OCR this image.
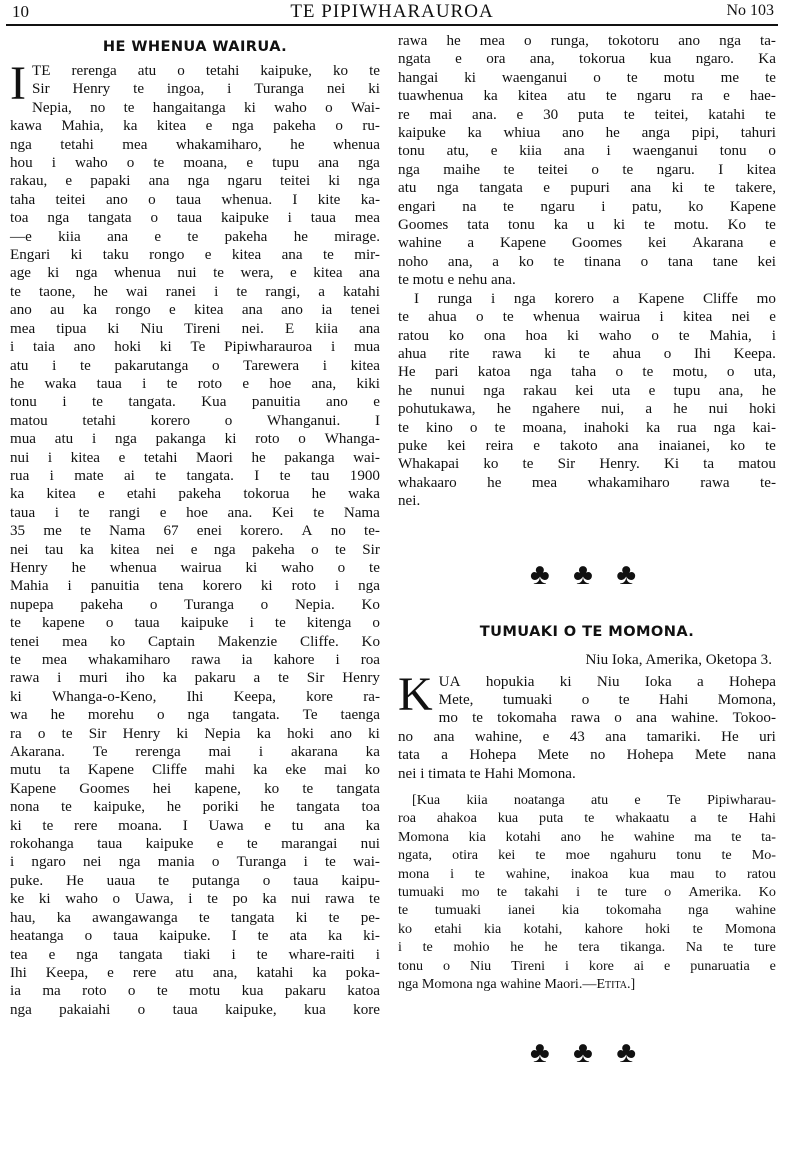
10	TE PIPIWHARAUROA	No 103
HE WHENUA WAIRUA.
I TE rerenga atu o tetahi kaipuke, ko te
Sir Henry te ingoa, i Turanga nei ki
Nepia, no te hangaitanga ki waho o Wai-
kawa Mahia, ka kitea e nga pakeha o ru-
nga tetahi mea whakamiharo, he whenua
hou i waho o te moana, e tupu ana nga
rakau, e papaki ana nga ngaru teitei ki nga
taha teitei ano o taua whenua. I kite ka-
toa nga tangata o taua kaipuke i taua mea
—e kiia ana e te pakeha he mirage.
Engari ki taku rongo e kitea ana te mir-
age ki nga whenua nui te wera, e kitea ana
te taone, he wai ranei i te rangi, a katahi
ano au ka rongo e kitea ana ano ia tenei
mea tipua ki Niu Tireni nei. E kiia ana
i taia ano hoki ki Te Pipiwharauroa i mua
atu i te pakarutanga o Tarewera i kitea
he waka taua i te roto e hoe ana, kiki
tonu i te tangata. Kua panuitia ano e
matou tetahi korero o Whanganui. I
mua atu i nga pakanga ki roto o Whanga-
nui i kitea e tetahi Maori he pakanga wai-
rua i mate ai te tangata. I te tau 1900
ka kitea e etahi pakeha tokorua he waka
taua i te rangi e hoe ana. Kei te Nama
35 me te Nama 67 enei korero. A no te-
nei tau ka kitea nei e nga pakeha o te Sir
Henry he whenua wairua ki waho o te
Mahia i panuitia tena korero ki roto i nga
nupepa pakeha o Turanga o Nepia. Ko
te kapene o taua kaipuke i te kitenga o
tenei mea ko Captain Makenzie Cliffe. Ko
te mea whakamiharo rawa ia kahore i roa
rawa i muri iho ka pakaru a te Sir Henry
ki Whanga-o-Keno, Ihi Keepa, kore ra-
wa he morehu o nga tangata. Te taenga
ra o te Sir Henry ki Nepia ka hoki ano ki
Akarana. Te rerenga mai i akarana ka
mutu ta Kapene Cliffe mahi ka eke mai ko
Kapene Goomes hei kapene, ko te tangata
nona te kaipuke, he poriki he tangata toa
ki te rere moana. I Uawa e tu ana ka
rokohanga taua kaipuke e te marangai nui
i ngaro nei nga mania o Turanga i te wai-
puke. He uaua te putanga o taua kaipu-
ke ki waho o Uawa, i te po ka nui rawa te
hau, ka awangawanga te tangata ki te pe-
heatanga o taua kaipuke. I te ata ka ki-
tea e nga tangata tiaki i te whare-raiti i
Ihi Keepa, e rere atu ana, katahi ka poka-
ia ma roto o te motu kua pakaru katoa
nga pakaiahi o taua kaipuke, kua kore
rawa he mea o runga, tokotoru ano nga ta-
ngata e ora ana, tokorua kua ngaro. Ka
hangai ki waenganui o te motu me te
tuawhenua ka kitea atu te ngaru ra e hae-
re mai ana. e 30 puta te teitei, katahi te
kaipuke ka whiua ano he anga pipi, tahuri
tonu atu, e kiia ana i waenganui tonu o
nga maihe te teitei o te ngaru. I kitea
atu nga tangata e pupuri ana ki te takere,
engari na te ngaru i patu, ko Kapene
Goomes tata tonu ka u ki te motu. Ko te
wahine a Kapene Goomes kei Akarana e
noho ana, a ko te tinana o tana tane kei
te motu e nehu ana.
I runga i nga korero a Kapene Cliffe mo
te ahua o te whenua wairua i kitea nei e
ratou ko ona hoa ki waho o te Mahia, i
ahua rite rawa ki te ahua o Ihi Keepa.
He pari katoa nga taha o te motu, o uta,
he nunui nga rakau kei uta e tupu ana, he
pohutukawa, he ngahere nui, a he nui hoki
te kino o te moana, inahoki ka rua nga kai-
puke kei reira e takoto ana inaianei, ko te
Whakapai ko te Sir Henry. Ki ta matou
whakaaro he mea whakamiharo rawa te-
nei.
♣ ♣ ♣
TUMUAKI O TE MOMONA.
Niu Ioka, Amerika, Oketopa 3.
K UA hopukia ki Niu Ioka a Hohepa
Mete, tumuaki o te Hahi Momona,
mo te tokomaha rawa o ana wahine. Tokoo-
no ana wahine, e 43 ana tamariki. He uri
tata a Hohepa Mete no Hohepa Mete nana
nei i timata te Hahi Momona.
[Kua kiia noatanga atu e Te Pipiwharau-
roa ahakoa kua puta te whakaatu a te Hahi
Momona kia kotahi ano he wahine ma te ta-
ngata, otira kei te moe ngahuru tonu te Mo-
mona i te wahine, inakoa kua mau to ratou
tumuaki mo te takahi i te ture o Amerika. Ko
te tumuaki ianei kia tokomaha nga wahine
ko etahi kia kotahi, kahore hoki te Momona
i te mohio he he tera tikanga. Na te ture
tonu o Niu Tireni i kore ai e punaruatia e
nga Momona nga wahine Maori.— Etita.]
♣ ♣ ♣
